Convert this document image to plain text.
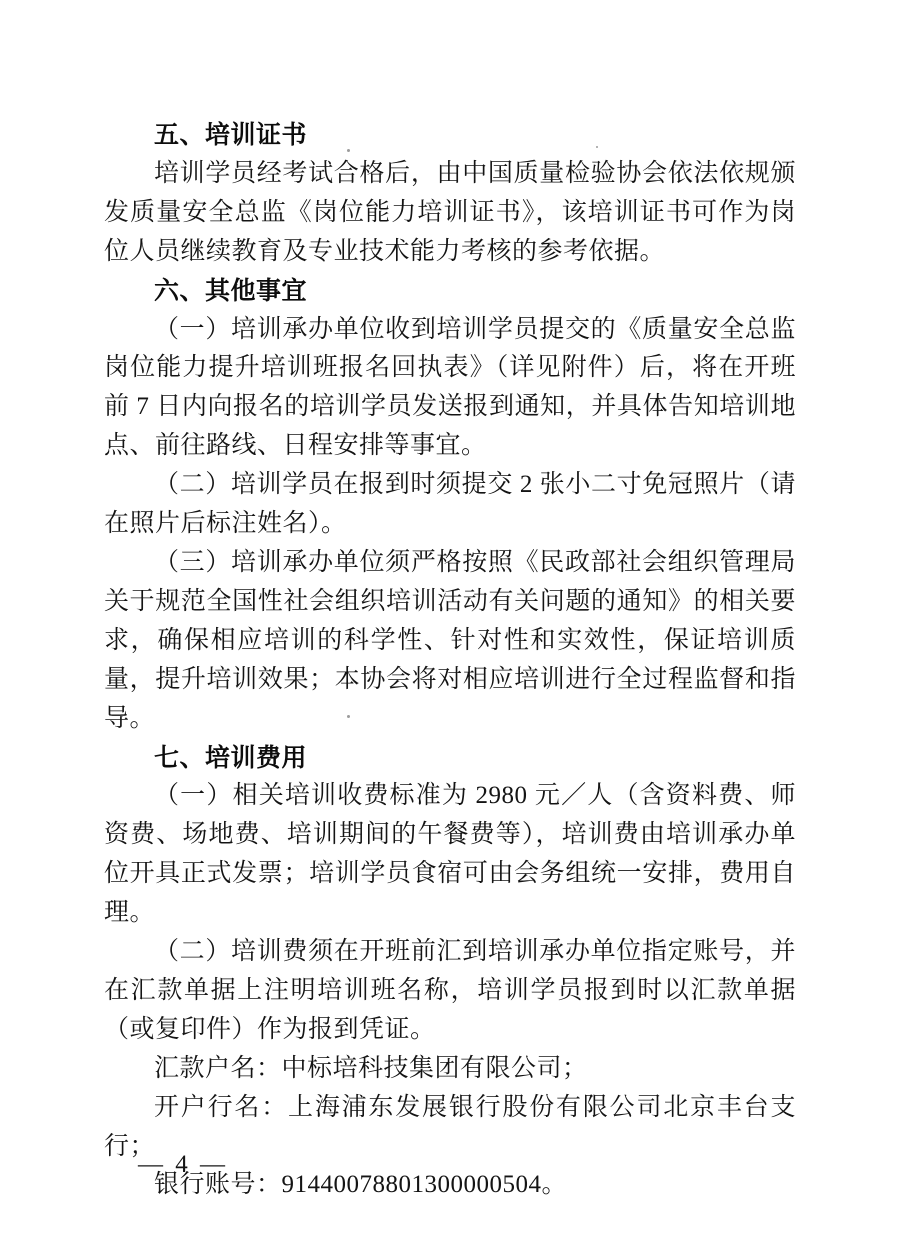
五、培训证书

培训学员经考试合格后，由中国质量检验协会依法依规颁发质量安全总监《岗位能力培训证书》，该培训证书可作为岗位人员继续教育及专业技术能力考核的参考依据。

六、其他事宜

（一）培训承办单位收到培训学员提交的《质量安全总监岗位能力提升培训班报名回执表》（详见附件）后，将在开班前 7 日内向报名的培训学员发送报到通知，并具体告知培训地点、前往路线、日程安排等事宜。

（二）培训学员在报到时须提交 2 张小二寸免冠照片（请在照片后标注姓名）。

（三）培训承办单位须严格按照《民政部社会组织管理局关于规范全国性社会组织培训活动有关问题的通知》的相关要求，确保相应培训的科学性、针对性和实效性，保证培训质量，提升培训效果；本协会将对相应培训进行全过程监督和指导。

七、培训费用

（一）相关培训收费标准为 2980 元／人（含资料费、师资费、场地费、培训期间的午餐费等），培训费由培训承办单位开具正式发票；培训学员食宿可由会务组统一安排，费用自理。

（二）培训费须在开班前汇到培训承办单位指定账号，并在汇款单据上注明培训班名称，培训学员报到时以汇款单据（或复印件）作为报到凭证。

汇款户名：中标培科技集团有限公司；

开户行名：上海浦东发展银行股份有限公司北京丰台支行；

银行账号：91440078801300000504。

— 4 —
